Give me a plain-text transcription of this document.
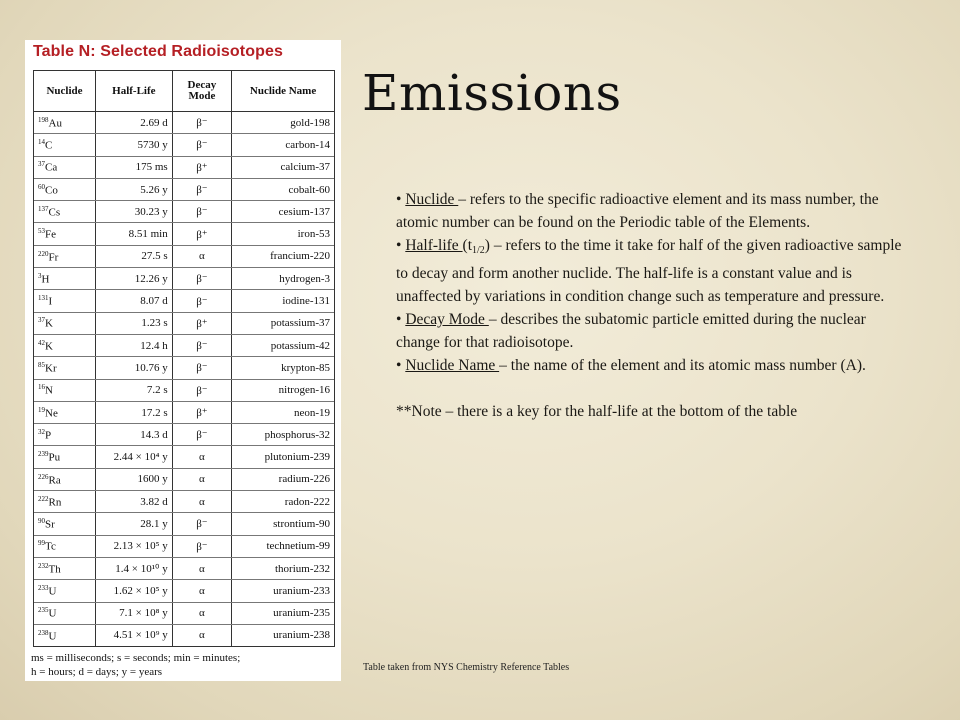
Table N: Selected Radioisotopes
Nuclide	Half-Life	Decay Mode	Nuclide Name
$^{198}$Au	2.69 d	β⁻	gold-198
$^{14}$C	5730 y	β⁻	carbon-14
$^{37}$Ca	175 ms	β⁺	calcium-37
$^{60}$Co	5.26 y	β⁻	cobalt-60
$^{137}$Cs	30.23 y	β⁻	cesium-137
$^{53}$Fe	8.51 min	β⁺	iron-53
$^{220}$Fr	27.5 s	α	francium-220
$^3$H	12.26 y	β⁻	hydrogen-3
$^{131}$I	8.07 d	β⁻	iodine-131
$^{37}$K	1.23 s	β⁺	potassium-37
$^{42}$K	12.4 h	β⁻	potassium-42
$^{85}$Kr	10.76 y	β⁻	krypton-85
$^{16}$N	7.2 s	β⁻	nitrogen-16
$^{19}$Ne	17.2 s	β⁺	neon-19
$^{32}$P	14.3 d	β⁻	phosphorus-32
$^{239}$Pu	2.44 × 10⁴ y	α	plutonium-239
$^{226}$Ra	1600 y	α	radium-226
$^{222}$Rn	3.82 d	α	radon-222
$^{90}$Sr	28.1 y	β⁻	strontium-90
$^{99}$Tc	2.13 × 10⁵ y	β⁻	technetium-99
$^{232}$Th	1.4 × 10¹⁰ y	α	thorium-232
$^{233}$U	1.62 × 10⁵ y	α	uranium-233
$^{235}$U	7.1 × 10⁸ y	α	uranium-235
$^{238}$U	4.51 × 10⁹ y	α	uranium-238
ms = milliseconds; s = seconds; min = minutes;
h = hours; d = days; y = years
Emissions

• Nuclide – refers to the specific radioactive element and its mass number, the atomic number can be found on the Periodic table of the Elements.

• Half-life $(t_{1/2})$ – refers to the time it take for half of the given radioactive sample to decay and form another nuclide. The half-life is a constant value and is unaffected by variations in condition change such as temperature and pressure.

• Decay Mode – describes the subatomic particle emitted during the nuclear change for that radioisotope.

• Nuclide Name – the name of the element and its atomic mass number (A).

**Note – there is a key for the half-life at the bottom of the table

Table taken from NYS Chemistry Reference Tables
